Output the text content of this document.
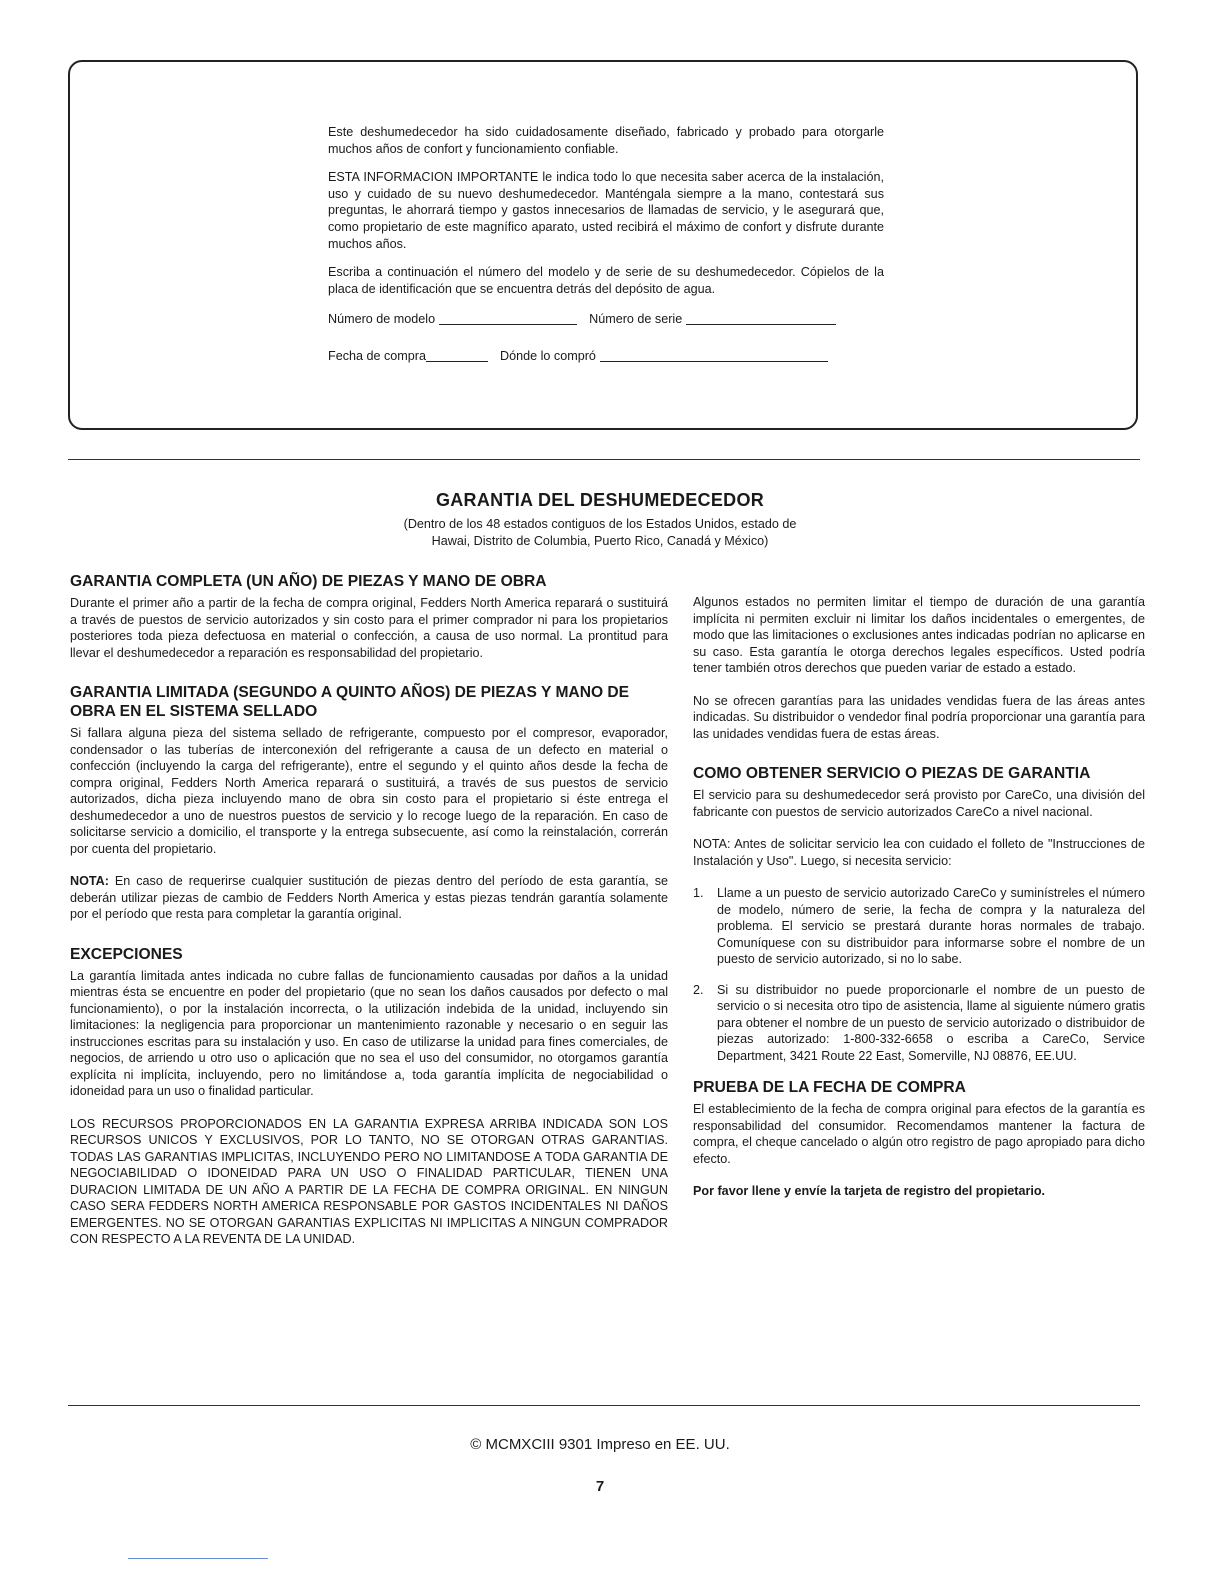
Este deshumedecedor ha sido cuidadosamente diseñado, fabricado y probado para otorgarle muchos años de confort y funcionamiento confiable.

ESTA INFORMACION IMPORTANTE le indica todo lo que necesita saber acerca de la instalación, uso y cuidado de su nuevo deshumedecedor. Manténgala siempre a la mano, contestará sus preguntas, le ahorrará tiempo y gastos innecesarios de llamadas de servicio, y le asegurará que, como propietario de este magnífico aparato, usted recibirá el máximo de confort y disfrute durante muchos años.

Escriba a continuación el número del modelo y de serie de su deshumedecedor. Cópielos de la placa de identificación que se encuentra detrás del depósito de agua.

Número de modelo	Número de serie
Fecha de compra	Dónde lo compró
GARANTIA DEL DESHUMEDECEDOR
(Dentro de los 48 estados contiguos de los Estados Unidos, estado de
Hawai, Distrito de Columbia, Puerto Rico, Canadá y México)
GARANTIA COMPLETA (UN AÑO) DE PIEZAS Y MANO DE OBRA

Durante el primer año a partir de la fecha de compra original, Fedders North America reparará o sustituirá a través de puestos de servicio autorizados y sin costo para el primer comprador ni para los propietarios posteriores toda pieza defectuosa en material o confección, a causa de uso normal. La prontitud para llevar el deshumedecedor a reparación es responsabilidad del propietario.

GARANTIA LIMITADA (SEGUNDO A QUINTO AÑOS) DE PIEZAS Y MANO DE OBRA EN EL SISTEMA SELLADO

Si fallara alguna pieza del sistema sellado de refrigerante, compuesto por el compresor, evaporador, condensador o las tuberías de interconexión del refrigerante a causa de un defecto en material o confección (incluyendo la carga del refrigerante), entre el segundo y el quinto años desde la fecha de compra original, Fedders North America reparará o sustituirá, a través de sus puestos de servicio autorizados, dicha pieza incluyendo mano de obra sin costo para el propietario si éste entrega el deshumedecedor a uno de nuestros puestos de servicio y lo recoge luego de la reparación. En caso de solicitarse servicio a domicilio, el transporte y la entrega subsecuente, así como la reinstalación, correrán por cuenta del propietario.

NOTA: En caso de requerirse cualquier sustitución de piezas dentro del período de esta garantía, se deberán utilizar piezas de cambio de Fedders North America y estas piezas tendrán garantía solamente por el período que resta para completar la garantía original.

EXCEPCIONES

La garantía limitada antes indicada no cubre fallas de funcionamiento causadas por daños a la unidad mientras ésta se encuentre en poder del propietario (que no sean los daños causados por defecto o mal funcionamiento), o por la instalación incorrecta, o la utilización indebida de la unidad, incluyendo sin limitaciones: la negligencia para proporcionar un mantenimiento razonable y necesario o en seguir las instrucciones escritas para su instalación y uso. En caso de utilizarse la unidad para fines comerciales, de negocios, de arriendo u otro uso o aplicación que no sea el uso del consumidor, no otorgamos garantía explícita ni implícita, incluyendo, pero no limitándose a, toda garantía implícita de negociabilidad o idoneidad para un uso o finalidad particular.

LOS RECURSOS PROPORCIONADOS EN LA GARANTIA EXPRESA ARRIBA INDICADA SON LOS RECURSOS UNICOS Y EXCLUSIVOS, POR LO TANTO, NO SE OTORGAN OTRAS GARANTIAS. TODAS LAS GARANTIAS IMPLICITAS, INCLUYENDO PERO NO LIMITANDOSE A TODA GARANTIA DE NEGOCIABILIDAD O IDONEIDAD PARA UN USO O FINALIDAD PARTICULAR, TIENEN UNA DURACION LIMITADA DE UN AÑO A PARTIR DE LA FECHA DE COMPRA ORIGINAL. EN NINGUN CASO SERA FEDDERS NORTH AMERICA RESPONSABLE POR GASTOS INCIDENTALES NI DAÑOS EMERGENTES. NO SE OTORGAN GARANTIAS EXPLICITAS NI IMPLICITAS A NINGUN COMPRADOR CON RESPECTO A LA REVENTA DE LA UNIDAD.

Algunos estados no permiten limitar el tiempo de duración de una garantía implícita ni permiten excluir ni limitar los daños incidentales o emergentes, de modo que las limitaciones o exclusiones antes indicadas podrían no aplicarse en su caso. Esta garantía le otorga derechos legales específicos. Usted podría tener también otros derechos que pueden variar de estado a estado.

No se ofrecen garantías para las unidades vendidas fuera de las áreas antes indicadas. Su distribuidor o vendedor final podría proporcionar una garantía para las unidades vendidas fuera de estas áreas.

COMO OBTENER SERVICIO O PIEZAS DE GARANTIA

El servicio para su deshumedecedor será provisto por CareCo, una división del fabricante con puestos de servicio autorizados CareCo a nivel nacional.

NOTA: Antes de solicitar servicio lea con cuidado el folleto de "Instrucciones de Instalación y Uso". Luego, si necesita servicio:

1.	Llame a un puesto de servicio autorizado CareCo y suminístreles el número de modelo, número de serie, la fecha de compra y la naturaleza del problema. El servicio se prestará durante horas normales de trabajo. Comuníquese con su distribuidor para informarse sobre el nombre de un puesto de servicio autorizado, si no lo sabe.
2.	Si su distribuidor no puede proporcionarle el nombre de un puesto de servicio o si necesita otro tipo de asistencia, llame al siguiente número gratis para obtener el nombre de un puesto de servicio autorizado o distribuidor de piezas autorizado: 1-800-332-6658 o escriba a CareCo, Service Department, 3421 Route 22 East, Somerville, NJ 08876, EE.UU.
PRUEBA DE LA FECHA DE COMPRA

El establecimiento de la fecha de compra original para efectos de la garantía es responsabilidad del consumidor. Recomendamos mantener la factura de compra, el cheque cancelado o algún otro registro de pago apropiado para dicho efecto.

Por favor llene y envíe la tarjeta de registro del propietario.

© MCMXCIII 9301 Impreso en EE. UU.
7
